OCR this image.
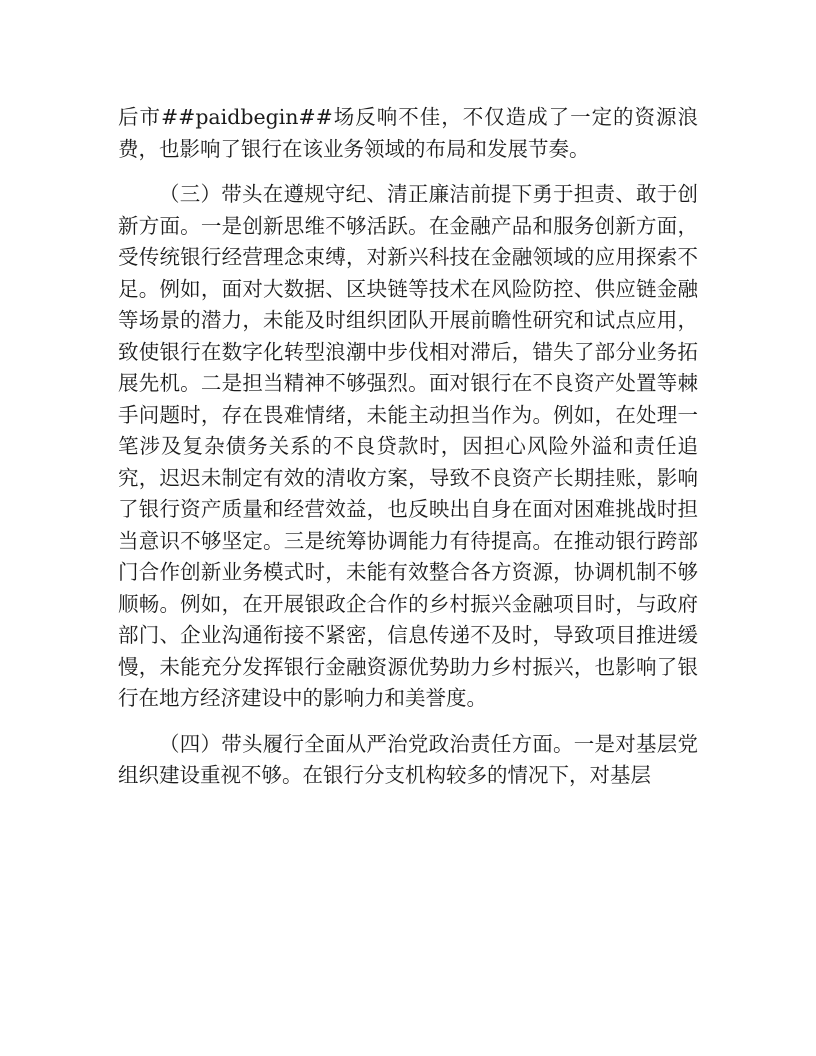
后市##paidbegin##场反响不佳，不仅造成了一定的资源浪费，也影响了银行在该业务领域的布局和发展节奏。

（三）带头在遵规守纪、清正廉洁前提下勇于担责、敢于创新方面。一是创新思维不够活跃。在金融产品和服务创新方面，受传统银行经营理念束缚，对新兴科技在金融领域的应用探索不足。例如，面对大数据、区块链等技术在风险防控、供应链金融等场景的潜力，未能及时组织团队开展前瞻性研究和试点应用，致使银行在数字化转型浪潮中步伐相对滞后，错失了部分业务拓展先机。二是担当精神不够强烈。面对银行在不良资产处置等棘手问题时，存在畏难情绪，未能主动担当作为。例如，在处理一笔涉及复杂债务关系的不良贷款时，因担心风险外溢和责任追究，迟迟未制定有效的清收方案，导致不良资产长期挂账，影响了银行资产质量和经营效益，也反映出自身在面对困难挑战时担当意识不够坚定。三是统筹协调能力有待提高。在推动银行跨部门合作创新业务模式时，未能有效整合各方资源，协调机制不够顺畅。例如，在开展银政企合作的乡村振兴金融项目时，与政府部门、企业沟通衔接不紧密，信息传递不及时，导致项目推进缓慢，未能充分发挥银行金融资源优势助力乡村振兴，也影响了银行在地方经济建设中的影响力和美誉度。

（四）带头履行全面从严治党政治责任方面。一是对基层党组织建设重视不够。在银行分支机构较多的情况下，对基层
